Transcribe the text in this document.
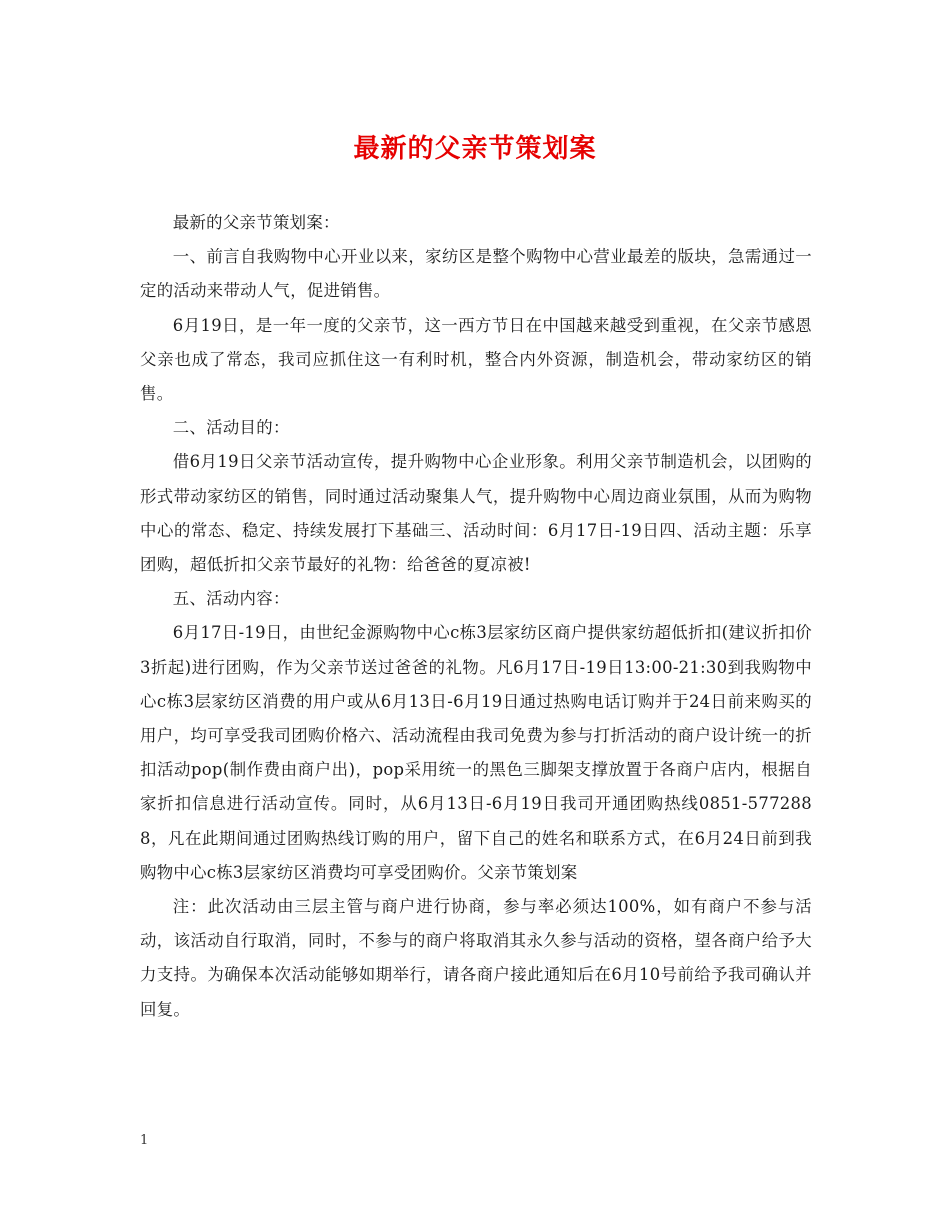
最新的父亲节策划案

最新的父亲节策划案：

一、前言自我购物中心开业以来，家纺区是整个购物中心营业最差的版块，急需通过一定的活动来带动人气，促进销售。

6月19日，是一年一度的父亲节，这一西方节日在中国越来越受到重视，在父亲节感恩父亲也成了常态，我司应抓住这一有利时机，整合内外资源，制造机会，带动家纺区的销售。

二、活动目的：

借6月19日父亲节活动宣传，提升购物中心企业形象。利用父亲节制造机会，以团购的形式带动家纺区的销售，同时通过活动聚集人气，提升购物中心周边商业氛围，从而为购物中心的常态、稳定、持续发展打下基础三、活动时间：6月17日-19日四、活动主题：乐享团购，超低折扣父亲节最好的礼物：给爸爸的夏凉被!

五、活动内容：

6月17日-19日，由世纪金源购物中心c栋3层家纺区商户提供家纺超低折扣(建议折扣价3折起)进行团购，作为父亲节送过爸爸的礼物。凡6月17日-19日13:00-21:30到我购物中心c栋3层家纺区消费的用户或从6月13日-6月19日通过热购电话订购并于24日前来购买的用户，均可享受我司团购价格六、活动流程由我司免费为参与打折活动的商户设计统一的折扣活动pop(制作费由商户出)，pop采用统一的黑色三脚架支撑放置于各商户店内，根据自家折扣信息进行活动宣传。同时，从6月13日-6月19日我司开通团购热线0851-5772888，凡在此期间通过团购热线订购的用户，留下自己的姓名和联系方式，在6月24日前到我购物中心c栋3层家纺区消费均可享受团购价。父亲节策划案

注：此次活动由三层主管与商户进行协商，参与率必须达100%，如有商户不参与活动，该活动自行取消，同时，不参与的商户将取消其永久参与活动的资格，望各商户给予大力支持。为确保本次活动能够如期举行，请各商户接此通知后在6月10号前给予我司确认并回复。

1
